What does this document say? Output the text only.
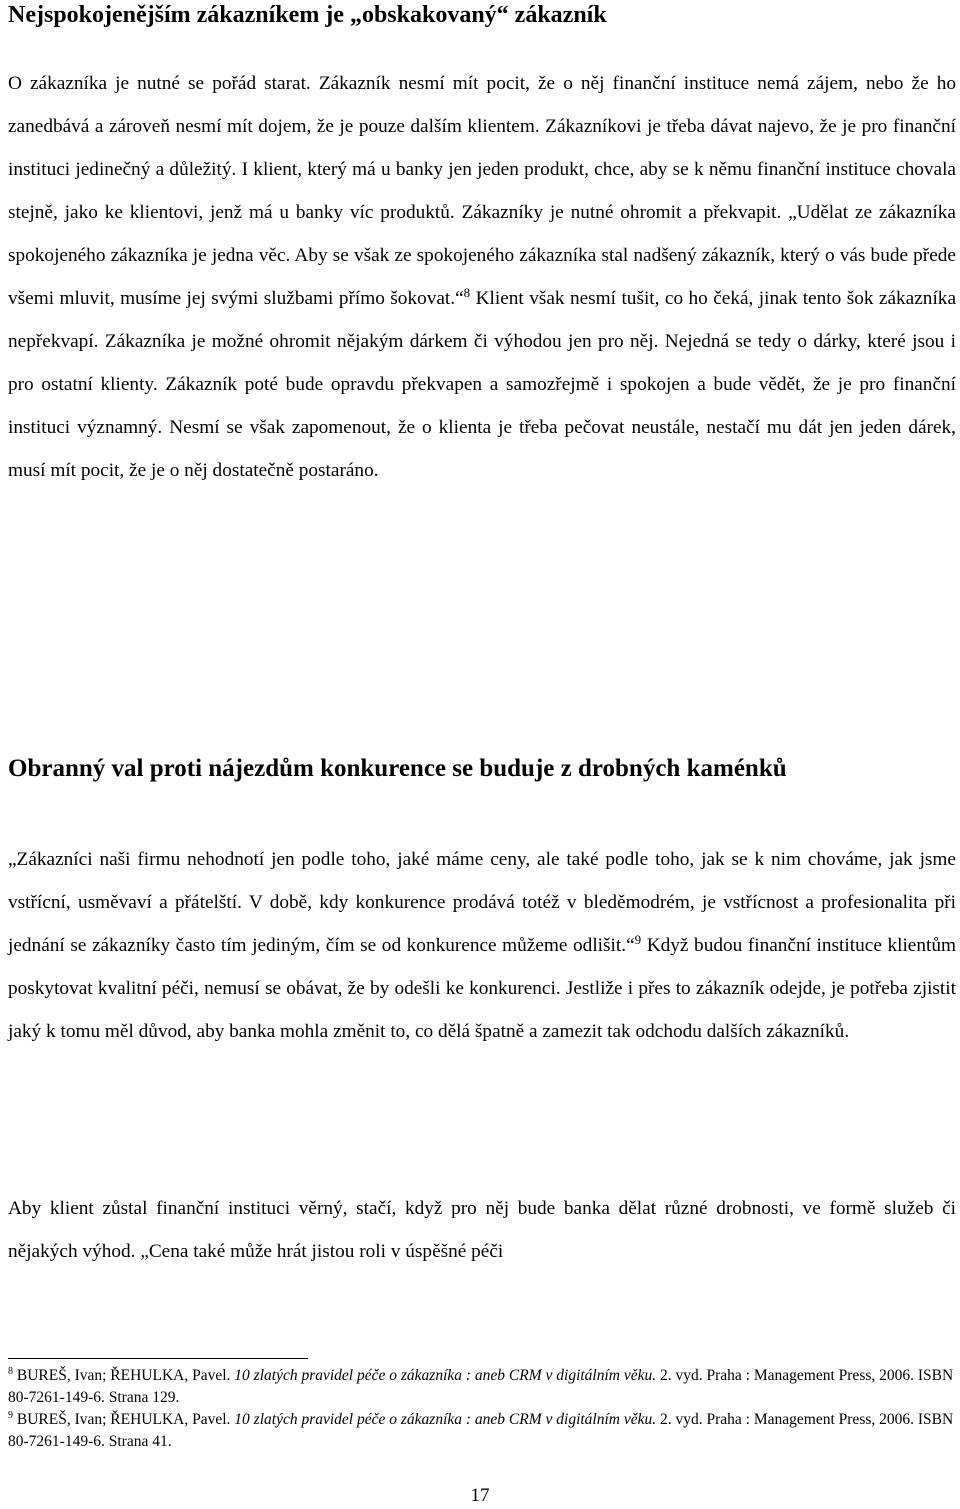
Nejspokojenějším zákazníkem je „obskakovaný“ zákazník

O zákazníka je nutné se pořád starat. Zákazník nesmí mít pocit, že o něj finanční instituce nemá zájem, nebo že ho zanedbává a zároveň nesmí mít dojem, že je pouze dalším klientem. Zákazníkovi je třeba dávat najevo, že je pro finanční instituci jedinečný a důležitý. I klient, který má u banky jen jeden produkt, chce, aby se k němu finanční instituce chovala stejně, jako ke klientovi, jenž má u banky víc produktů. Zákazníky je nutné ohromit a překvapit. „Udělat ze zákazníka spokojeného zákazníka je jedna věc. Aby se však ze spokojeného zákazníka stal nadšený zákazník, který o vás bude přede všemi mluvit, musíme jej svými službami přímo šokovat.“$^8$ Klient však nesmí tušit, co ho čeká, jinak tento šok zákazníka nepřekvapí. Zákazníka je možné ohromit nějakým dárkem či výhodou jen pro něj. Nejedná se tedy o dárky, které jsou i pro ostatní klienty. Zákazník poté bude opravdu překvapen a samozřejmě i spokojen a bude vědět, že je pro finanční instituci významný. Nesmí se však zapomenout, že o klienta je třeba pečovat neustále, nestačí mu dát jen jeden dárek, musí mít pocit, že je o něj dostatečně postaráno.

Obranný val proti nájezdům konkurence se buduje z drobných kaménků

„Zákazníci naši firmu nehodnotí jen podle toho, jaké máme ceny, ale také podle toho, jak se k nim chováme, jak jsme vstřícní, usměvaví a přátelští. V době, kdy konkurence prodává totéž v bleděmodrém, je vstřícnost a profesionalita při jednání se zákazníky často tím jediným, čím se od konkurence můžeme odlišit.“$^9$ Když budou finanční instituce klientům poskytovat kvalitní péči, nemusí se obávat, že by odešli ke konkurenci. Jestliže i přes to zákazník odejde, je potřeba zjistit jaký k tomu měl důvod, aby banka mohla změnit to, co dělá špatně a zamezit tak odchodu dalších zákazníků.

Aby klient zůstal finanční instituci věrný, stačí, když pro něj bude banka dělat různé drobnosti, ve formě služeb či nějakých výhod. „Cena také může hrát jistou roli v úspěšné péči

$^8$ BUREŠ, Ivan; ŘEHULKA, Pavel. 10 zlatých pravidel péče o zákazníka : aneb CRM v digitálním věku. 2. vyd. Praha : Management Press, 2006. ISBN 80-7261-149-6. Strana 129.

$^9$ BUREŠ, Ivan; ŘEHULKA, Pavel. 10 zlatých pravidel péče o zákazníka : aneb CRM v digitálním věku. 2. vyd. Praha : Management Press, 2006. ISBN 80-7261-149-6. Strana 41.

17
